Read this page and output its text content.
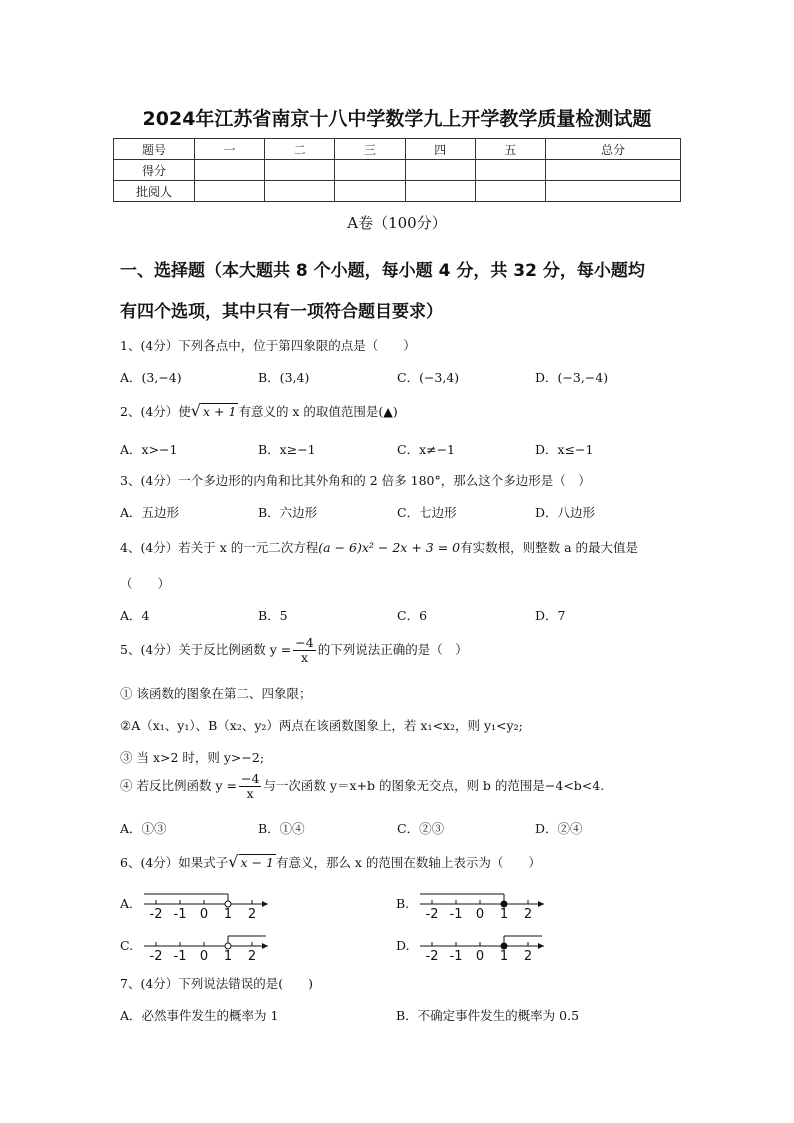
2024年江苏省南京十八中学数学九上开学教学质量检测试题
题号	一	二	三	四	五	总分
得分						
批阅人						
A卷（100分）
一、选择题（本大题共 8 个小题，每小题 4 分，共 32 分，每小题均
有四个选项，其中只有一项符合题目要求）
1、(4分）下列各点中，位于第四象限的点是（　　）
A．(3,−4)	B．(3,4)	C．(−3,4)	D．(−3,−4)
2、(4分）使√ x + 1 有意义的 x 的取值范围是(▲)
A．x>−1	B．x≥−1	C．x≠−1	D．x≤−1
3、(4分）一个多边形的内角和比其外角和的 2 倍多 180°，那么这个多边形是（　）
A．五边形	B．六边形	C．七边形	D．八边形
4、(4分）若关于 x 的一元二次方程(a − 6)x² − 2x + 3 = 0有实数根，则整数 a 的最大值是
（　　）
A．4	B．5	C．6	D．7
5、(4分）关于反比例函数 $y = \frac{-4}{x}$ 的下列说法正确的是（　）
① 该函数的图象在第二、四象限；
②A（x₁、y₁）、B（x₂、y₂）两点在该函数图象上，若 x₁<x₂，则 y₁<y₂;
③ 当 x>2 时，则 y>−2;
④ 若反比例函数 $y = \frac{-4}{x}$ 与一次函数 y＝x+b 的图象无交点，则 b 的范围是−4<b<4.
A．①③	B．①④	C．②③	D．②④
6、(4分）如果式子√ x − 1 有意义，那么 x 的范围在数轴上表示为（　　）
A.
-2 -1 0 1 2
B.
-2 -1 0 1 2
C.
-2 -1 0 1 2
D.
-2 -1 0 1 2
7、(4分）下列说法错误的是(　　)
A．必然事件发生的概率为 1	B．不确定事件发生的概率为 0.5
